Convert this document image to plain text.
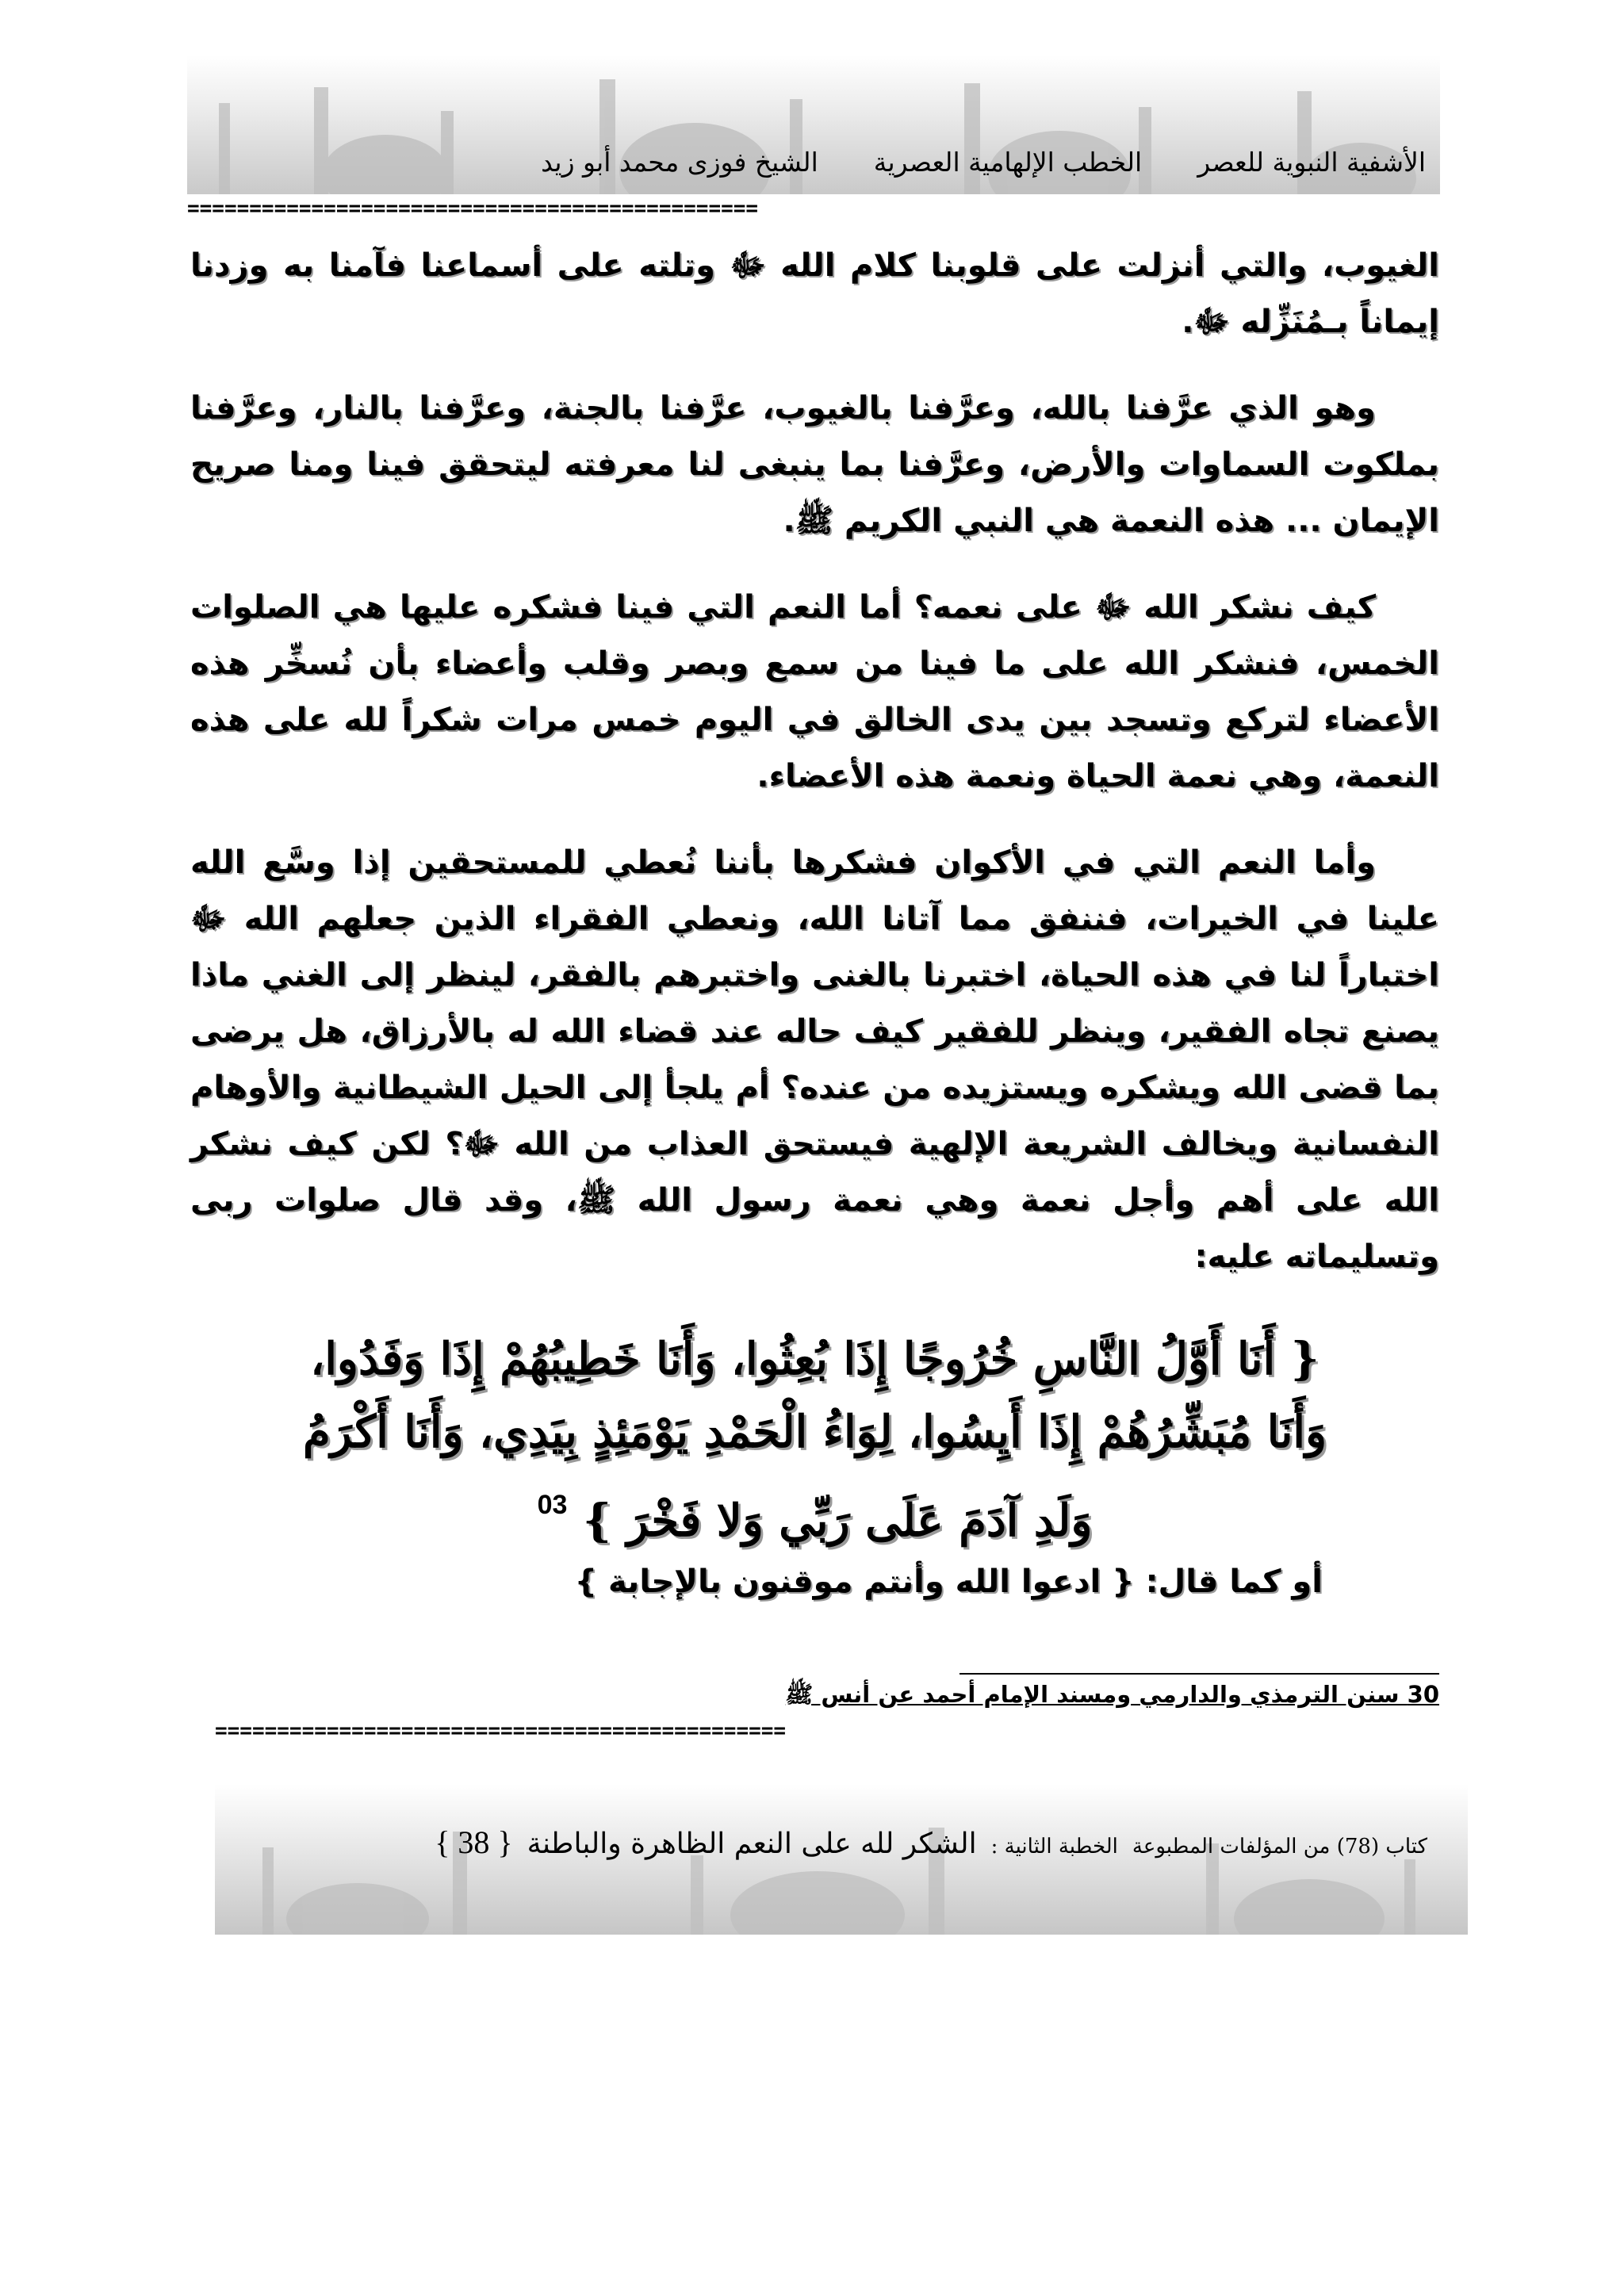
الأشفية النبوية للعصر
الخطب الإلهامية العصرية
الشيخ فوزى محمد أبو زيد
==============================================

الغيوب، والتي أنزلت على قلوبنا كلام الله ﷻ وتلته على أسماعنا فآمنا به وزدنا إيماناً بـمُنَزِّله ﷻ.

وهو الذي عرَّفنا بالله، وعرَّفنا بالغيوب، عرَّفنا بالجنة، وعرَّفنا بالنار، وعرَّفنا بملكوت السماوات والأرض، وعرَّفنا بما ينبغى لنا معرفته ليتحقق فينا ومنا صريح الإيمان ... هذه النعمة هي النبي الكريم ﷺ.

كيف نشكر الله ﷻ على نعمه؟ أما النعم التي فينا فشكره عليها هي الصلوات الخمس، فنشكر الله على ما فينا من سمع وبصر وقلب وأعضاء بأن نُسخِّر هذه الأعضاء لتركع وتسجد بين يدى الخالق في اليوم خمس مرات شكراً لله على هذه النعمة، وهي نعمة الحياة ونعمة هذه الأعضاء.

وأما النعم التي في الأكوان فشكرها بأننا نُعطي للمستحقين إذا وسَّع الله علينا في الخيرات، فننفق مما آتانا الله، ونعطي الفقراء الذين جعلهم الله ﷻ اختباراً لنا في هذه الحياة، اختبرنا بالغنى واختبرهم بالفقر، لينظر إلى الغني ماذا يصنع تجاه الفقير، وينظر للفقير كيف حاله عند قضاء الله له بالأرزاق، هل يرضى بما قضى الله ويشكره ويستزيده من عنده؟ أم يلجأ إلى الحيل الشيطانية والأوهام النفسانية ويخالف الشريعة الإلهية فيستحق العذاب من الله ﷻ؟ لكن كيف نشكر الله على أهم وأجل نعمة وهي نعمة رسول الله ﷺ، وقد قال صلوات ربى وتسليماته عليه:

{ أَنَا أَوَّلُ النَّاسِ خُرُوجًا إِذَا بُعِثُوا، وَأَنَا خَطِيبُهُمْ إِذَا وَفَدُوا،
وَأَنَا مُبَشِّرُهُمْ إِذَا أَيِسُوا، لِوَاءُ الْحَمْدِ يَوْمَئِذٍ بِيَدِي، وَأَنَا أَكْرَمُ
وَلَدِ آدَمَ عَلَى رَبِّي وَلا فَخْرَ } $^{03}$
أو كما قال: { ادعوا الله وأنتم موقنون بالإجابة }
30 سنن الترمذي والدارمي ومسند الإمام أحمد عن أنس ﷺ
==============================================
كتاب (78) من المؤلفات المطبوعة
الخطبة الثانية :
الشكر لله على النعم الظاهرة والباطنة
{ 38 }
